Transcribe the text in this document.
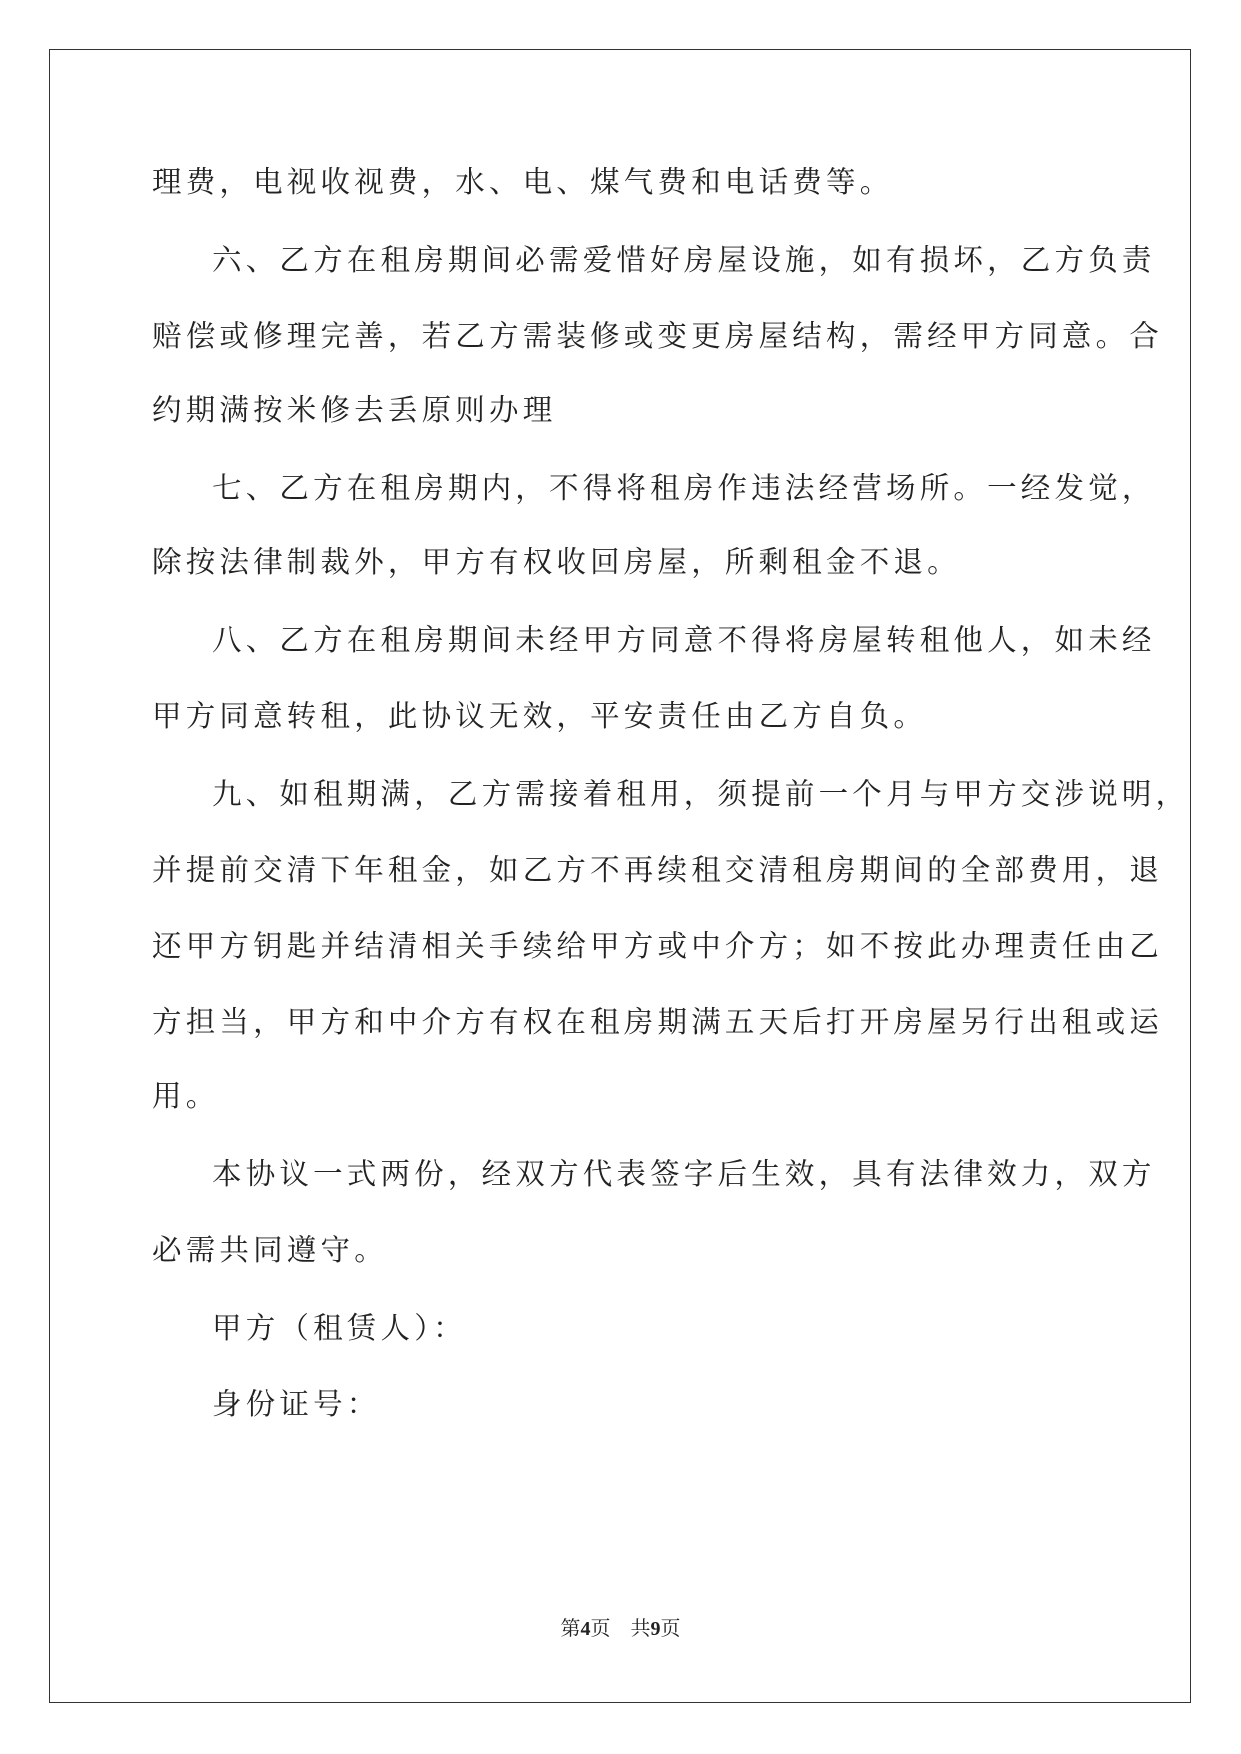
理费，电视收视费，水、电、煤气费和电话费等。
六、乙方在租房期间必需爱惜好房屋设施，如有损坏，乙方负责
赔偿或修理完善，若乙方需装修或变更房屋结构，需经甲方同意。合
约期满按米修去丢原则办理
七、乙方在租房期内，不得将租房作违法经营场所。一经发觉，
除按法律制裁外，甲方有权收回房屋，所剩租金不退。
八、乙方在租房期间未经甲方同意不得将房屋转租他人，如未经
甲方同意转租，此协议无效，平安责任由乙方自负。
九、如租期满，乙方需接着租用，须提前一个月与甲方交涉说明，
并提前交清下年租金，如乙方不再续租交清租房期间的全部费用，退
还甲方钥匙并结清相关手续给甲方或中介方；如不按此办理责任由乙
方担当，甲方和中介方有权在租房期满五天后打开房屋另行出租或运
用。
本协议一式两份，经双方代表签字后生效，具有法律效力，双方
必需共同遵守。
甲方（租赁人）：
身份证号：
第4页　共9页
